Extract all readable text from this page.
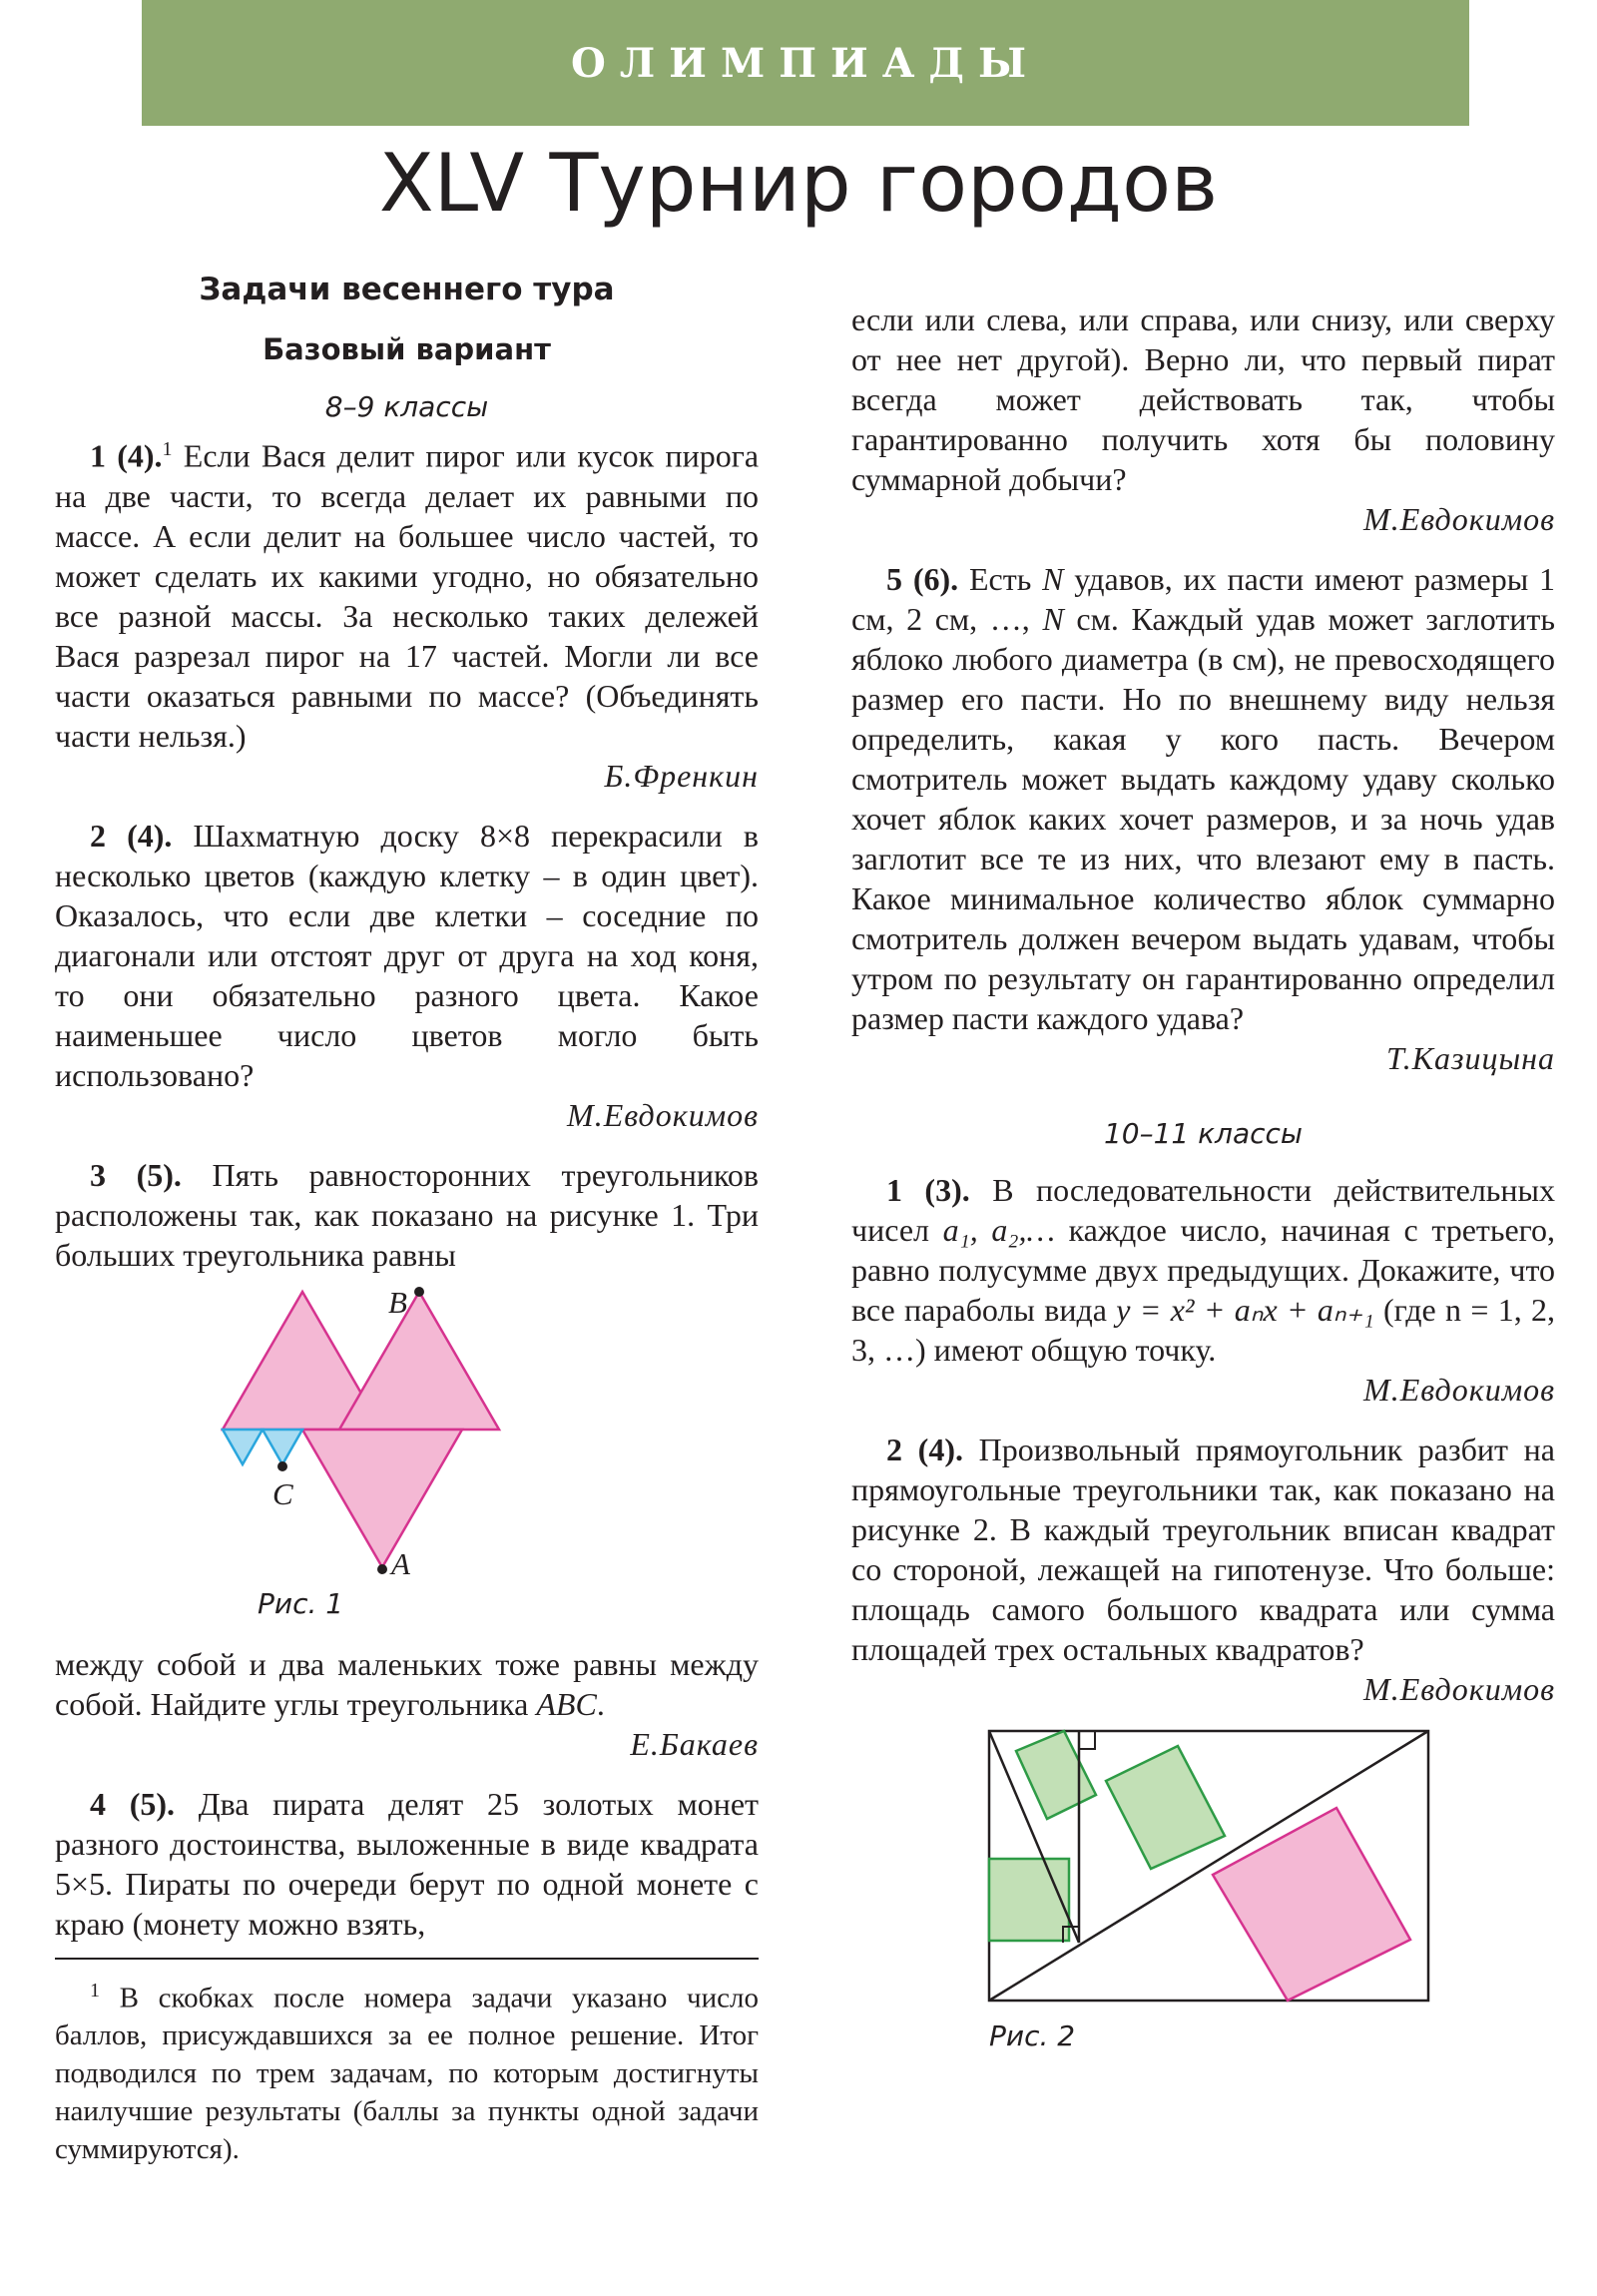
ОЛИМПИАДЫ
XLV Турнир городов
Задачи весеннего тура
Базовый вариант
8–9 классы

1 (4).$^1$ Если Вася делит пирог или кусок пирога на две части, то всегда делает их равными по массе. А если делит на большее число частей, то может сделать их какими угодно, но обязательно все разной массы. За несколько таких дележей Вася разрезал пирог на 17 частей. Могли ли все части оказаться равными по массе? (Объединять части нельзя.)

Б.Френкин

2 (4). Шахматную доску 8×8 перекрасили в несколько цветов (каждую клетку – в один цвет). Оказалось, что если две клетки – соседние по диагонали или отстоят друг от друга на ход коня, то они обязательно разного цвета. Какое наименьшее число цветов могло быть использовано?

М.Евдокимов

3 (5). Пять равносторонних треугольников расположены так, как показано на рисунке 1. Три больших треугольника равны

B
C
A
Рис. 1

между собой и два маленьких тоже равны между собой. Найдите углы треугольника ABC.

Е.Бакаев

4 (5). Два пирата делят 25 золотых монет разного достоинства, выложенные в виде квадрата 5×5. Пираты по очереди берут по одной монете с краю (монету можно взять,

$^1$ В скобках после номера задачи указано число баллов, присуждавшихся за ее полное решение. Итог подводился по трем задачам, по которым достигнуты наилучшие результаты (баллы за пункты одной задачи суммируются).

если или слева, или справа, или снизу, или сверху от нее нет другой). Верно ли, что первый пират всегда может действовать так, чтобы гарантированно получить хотя бы половину суммарной добычи?

М.Евдокимов

5 (6). Есть N удавов, их пасти имеют размеры 1 см, 2 см, …, N см. Каждый удав может заглотить яблоко любого диаметра (в см), не превосходящего размер его пасти. Но по внешнему виду нельзя определить, какая у кого пасть. Вечером смотритель может выдать каждому удаву сколько хочет яблок каких хочет размеров, и за ночь удав заглотит все те из них, что влезают ему в пасть. Какое минимальное количество яблок суммарно смотритель должен вечером выдать удавам, чтобы утром по результату он гарантированно определил размер пасти каждого удава?

Т.Казицына
10–11 классы

1 (3). В последовательности действительных чисел a₁, a₂,… каждое число, начиная с третьего, равно полусумме двух предыдущих. Докажите, что все параболы вида y = x² + aₙx + aₙ₊₁ (где n = 1, 2, 3, …) имеют общую точку.

М.Евдокимов

2 (4). Произвольный прямоугольник разбит на прямоугольные треугольники так, как показано на рисунке 2. В каждый треугольник вписан квадрат со стороной, лежащей на гипотенузе. Что больше: площадь самого большого квадрата или сумма площадей трех остальных квадратов?

М.Евдокимов
Рис. 2
